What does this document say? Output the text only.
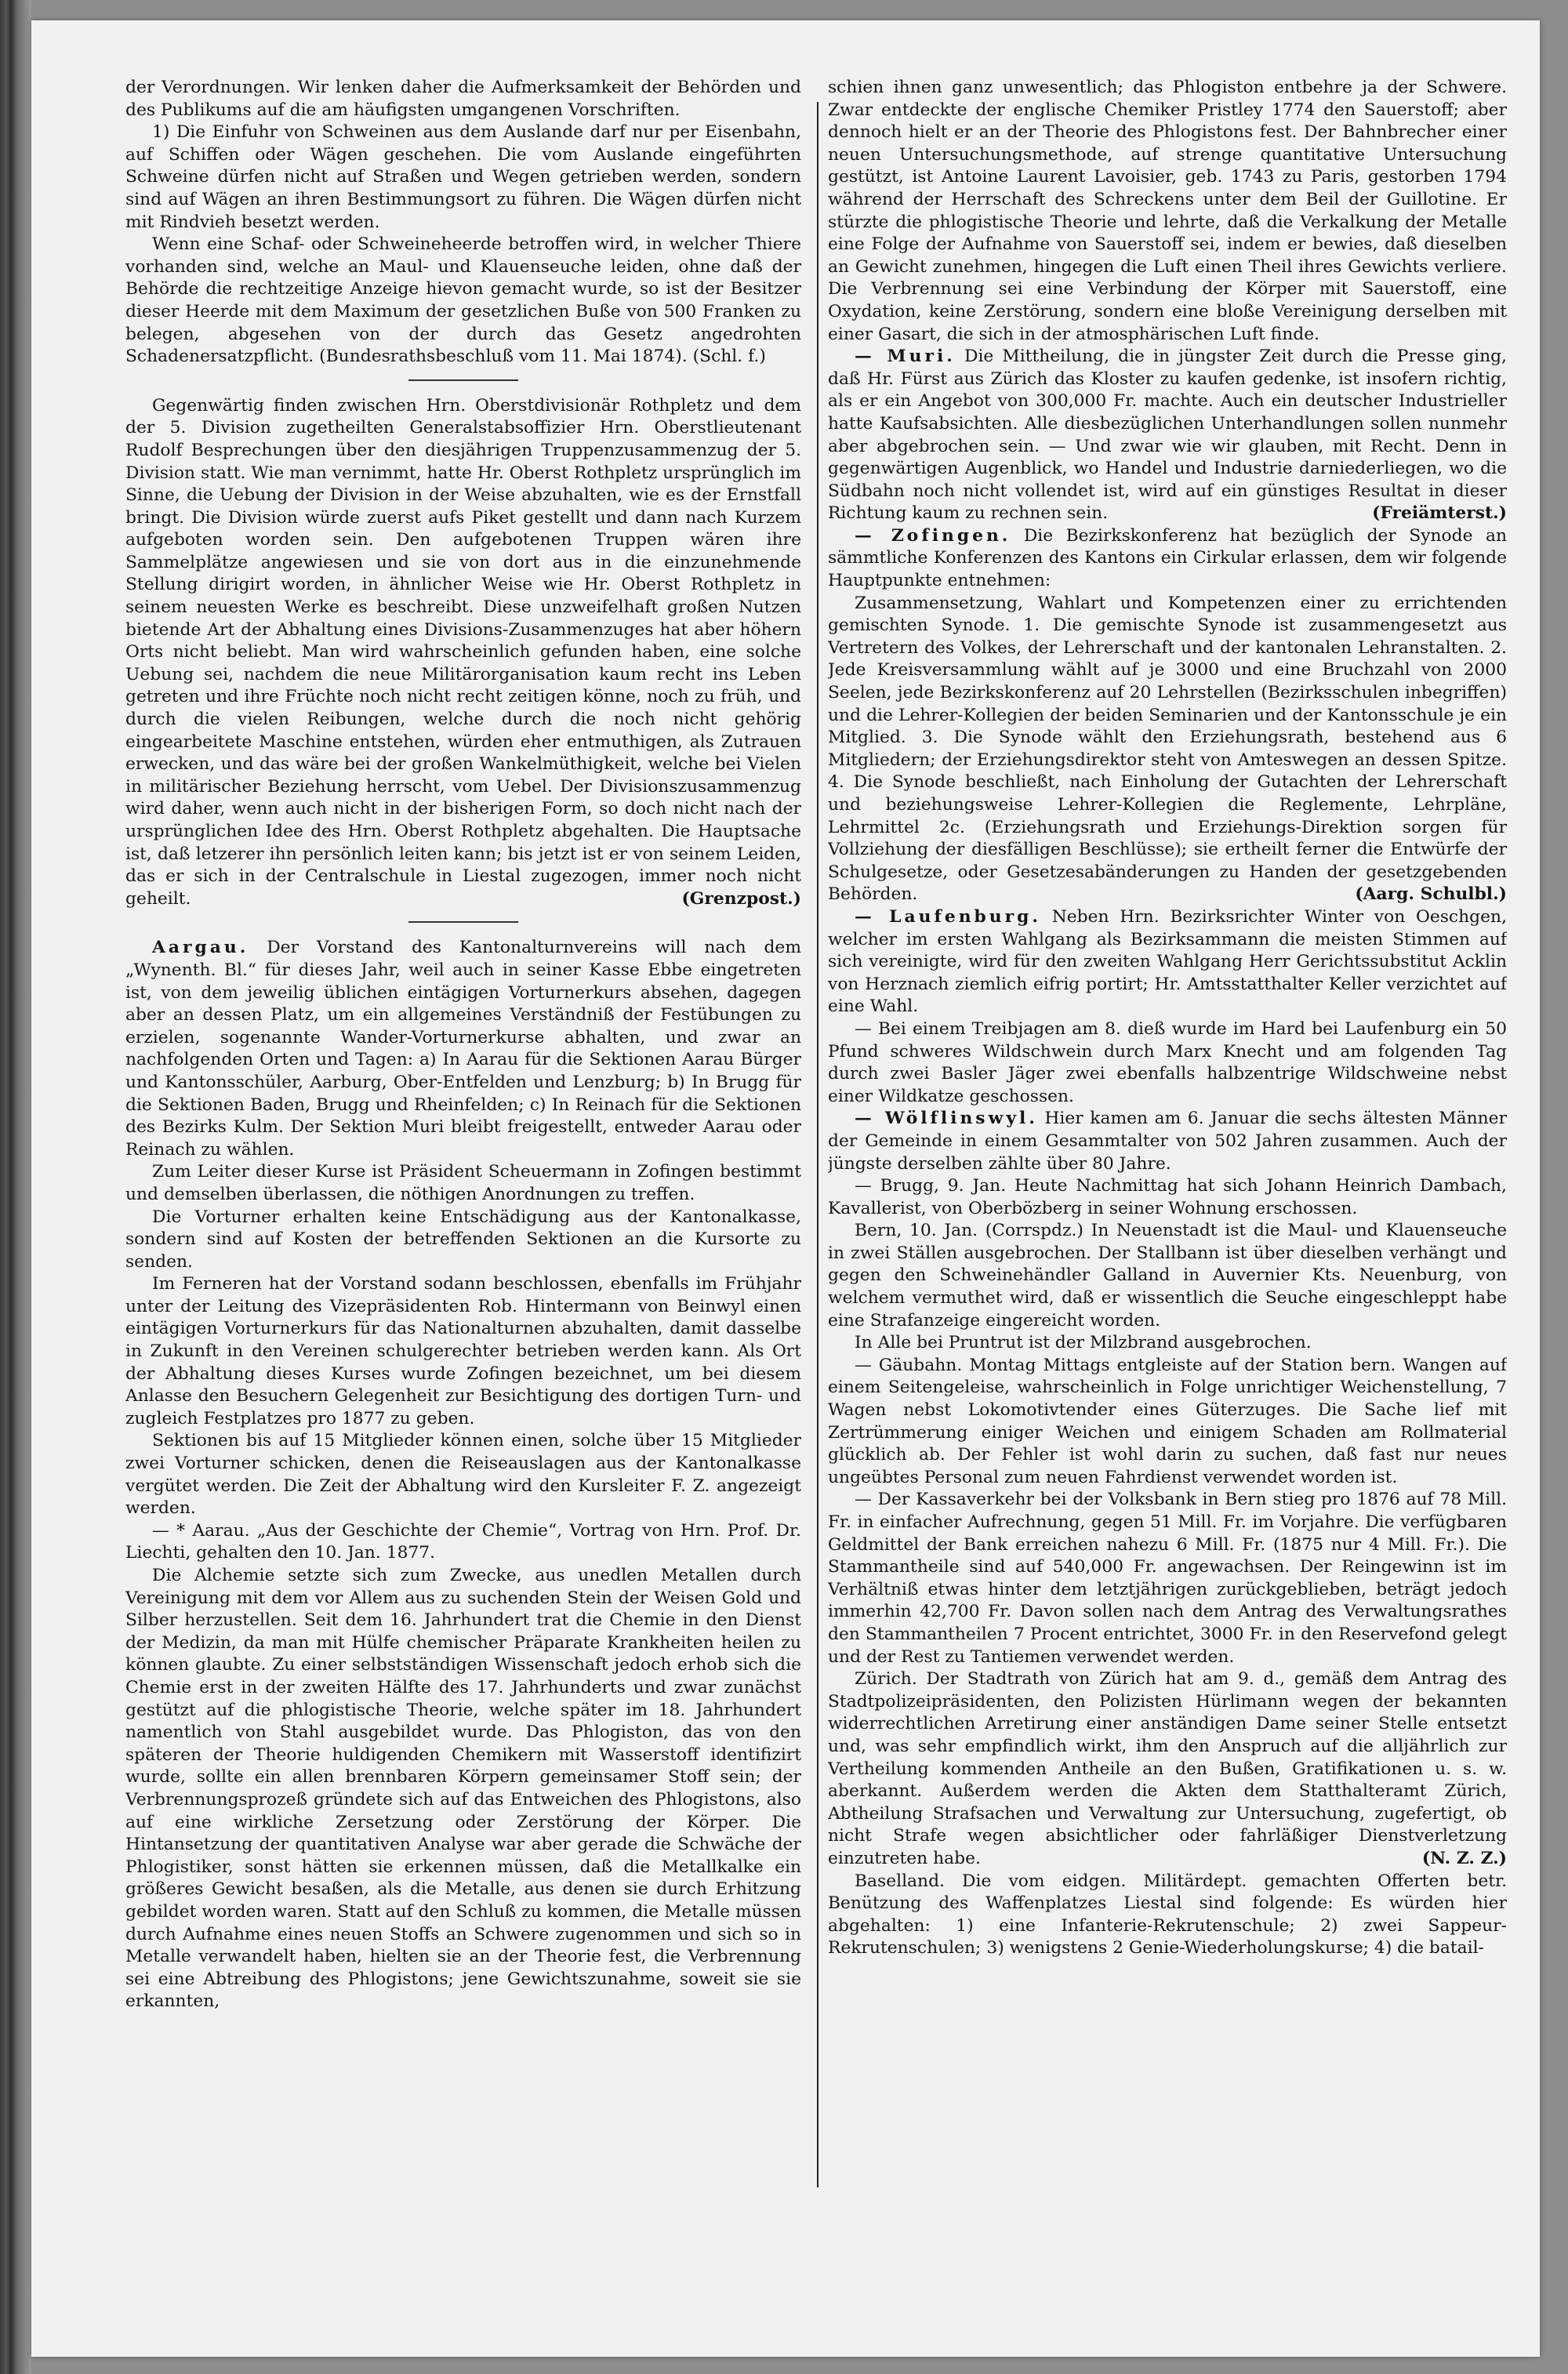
der Verordnungen. Wir lenken daher die Aufmerksamkeit der Behörden und des Publikums auf die am häufigsten umgangenen Vorschriften.

1) Die Einfuhr von Schweinen aus dem Auslande darf nur per Eisenbahn, auf Schiffen oder Wägen geschehen. Die vom Auslande eingeführten Schweine dürfen nicht auf Straßen und Wegen getrieben werden, sondern sind auf Wägen an ihren Bestimmungsort zu führen. Die Wägen dürfen nicht mit Rindvieh besetzt werden.

Wenn eine Schaf- oder Schweineheerde betroffen wird, in welcher Thiere vorhanden sind, welche an Maul- und Klauenseuche leiden, ohne daß der Behörde die rechtzeitige Anzeige hievon gemacht wurde, so ist der Besitzer dieser Heerde mit dem Maximum der gesetzlichen Buße von 500 Franken zu belegen, abgesehen von der durch das Gesetz angedrohten Schadenersatzpflicht. (Bundesrathsbeschluß vom 11. Mai 1874). (Schl. f.)

Gegenwärtig finden zwischen Hrn. Oberstdivisionär Rothpletz und dem der 5. Division zugetheilten Generalstabsoffizier Hrn. Oberstlieutenant Rudolf Besprechungen über den diesjährigen Truppenzusammenzug der 5. Division statt. Wie man vernimmt, hatte Hr. Oberst Rothpletz ursprünglich im Sinne, die Uebung der Division in der Weise abzuhalten, wie es der Ernstfall bringt. Die Division würde zuerst aufs Piket gestellt und dann nach Kurzem aufgeboten worden sein. Den aufgebotenen Truppen wären ihre Sammelplätze angewiesen und sie von dort aus in die einzunehmende Stellung dirigirt worden, in ähnlicher Weise wie Hr. Oberst Rothpletz in seinem neuesten Werke es beschreibt. Diese unzweifelhaft großen Nutzen bietende Art der Abhaltung eines Divisions-Zusammenzuges hat aber höhern Orts nicht beliebt. Man wird wahrscheinlich gefunden haben, eine solche Uebung sei, nachdem die neue Militärorganisation kaum recht ins Leben getreten und ihre Früchte noch nicht recht zeitigen könne, noch zu früh, und durch die vielen Reibungen, welche durch die noch nicht gehörig eingearbeitete Maschine entstehen, würden eher entmuthigen, als Zutrauen erwecken, und das wäre bei der großen Wankelmüthigkeit, welche bei Vielen in militärischer Beziehung herrscht, vom Uebel. Der Divisionszusammenzug wird daher, wenn auch nicht in der bisherigen Form, so doch nicht nach der ursprünglichen Idee des Hrn. Oberst Rothpletz abgehalten. Die Hauptsache ist, daß letzerer ihn persönlich leiten kann; bis jetzt ist er von seinem Leiden, das er sich in der Centralschule in Liestal zugezogen, immer noch nicht geheilt.	(Grenzpost.)

Aargau. Der Vorstand des Kantonalturnvereins will nach dem „Wynenth. Bl.“ für dieses Jahr, weil auch in seiner Kasse Ebbe eingetreten ist, von dem jeweilig üblichen eintägigen Vorturnerkurs absehen, dagegen aber an dessen Platz, um ein allgemeines Verständniß der Festübungen zu erzielen, sogenannte Wander-Vorturnerkurse abhalten, und zwar an nachfolgenden Orten und Tagen: a) In Aarau für die Sektionen Aarau Bürger und Kantonsschüler, Aarburg, Ober-Entfelden und Lenzburg; b) In Brugg für die Sektionen Baden, Brugg und Rheinfelden; c) In Reinach für die Sektionen des Bezirks Kulm. Der Sektion Muri bleibt freigestellt, entweder Aarau oder Reinach zu wählen.

Zum Leiter dieser Kurse ist Präsident Scheuermann in Zofingen bestimmt und demselben überlassen, die nöthigen Anordnungen zu treffen.

Die Vorturner erhalten keine Entschädigung aus der Kantonalkasse, sondern sind auf Kosten der betreffenden Sektionen an die Kursorte zu senden.

Im Ferneren hat der Vorstand sodann beschlossen, ebenfalls im Frühjahr unter der Leitung des Vizepräsidenten Rob. Hintermann von Beinwyl einen eintägigen Vorturnerkurs für das Nationalturnen abzuhalten, damit dasselbe in Zukunft in den Vereinen schulgerechter betrieben werden kann. Als Ort der Abhaltung dieses Kurses wurde Zofingen bezeichnet, um bei diesem Anlasse den Besuchern Gelegenheit zur Besichtigung des dortigen Turn- und zugleich Festplatzes pro 1877 zu geben.

Sektionen bis auf 15 Mitglieder können einen, solche über 15 Mitglieder zwei Vorturner schicken, denen die Reiseauslagen aus der Kantonalkasse vergütet werden. Die Zeit der Abhaltung wird den Kursleiter F. Z. angezeigt werden.

— * Aarau. „Aus der Geschichte der Chemie“, Vortrag von Hrn. Prof. Dr. Liechti, gehalten den 10. Jan. 1877.

Die Alchemie setzte sich zum Zwecke, aus unedlen Metallen durch Vereinigung mit dem vor Allem aus zu suchenden Stein der Weisen Gold und Silber herzustellen. Seit dem 16. Jahrhundert trat die Chemie in den Dienst der Medizin, da man mit Hülfe chemischer Präparate Krankheiten heilen zu können glaubte. Zu einer selbstständigen Wissenschaft jedoch erhob sich die Chemie erst in der zweiten Hälfte des 17. Jahrhunderts und zwar zunächst gestützt auf die phlogistische Theorie, welche später im 18. Jahrhundert namentlich von Stahl ausgebildet wurde. Das Phlogiston, das von den späteren der Theorie huldigenden Chemikern mit Wasserstoff identifizirt wurde, sollte ein allen brennbaren Körpern gemeinsamer Stoff sein; der Verbrennungsprozeß gründete sich auf das Entweichen des Phlogistons, also auf eine wirkliche Zersetzung oder Zerstörung der Körper. Die Hintansetzung der quantitativen Analyse war aber gerade die Schwäche der Phlogistiker, sonst hätten sie erkennen müssen, daß die Metallkalke ein größeres Gewicht besaßen, als die Metalle, aus denen sie durch Erhitzung gebildet worden waren. Statt auf den Schluß zu kommen, die Metalle müssen durch Aufnahme eines neuen Stoffs an Schwere zugenommen und sich so in Metalle verwandelt haben, hielten sie an der Theorie fest, die Verbrennung sei eine Abtreibung des Phlogistons; jene Gewichtszunahme, soweit sie sie erkannten,

schien ihnen ganz unwesentlich; das Phlogiston entbehre ja der Schwere. Zwar entdeckte der englische Chemiker Pristley 1774 den Sauerstoff; aber dennoch hielt er an der Theorie des Phlogistons fest. Der Bahnbrecher einer neuen Untersuchungsmethode, auf strenge quantitative Untersuchung gestützt, ist Antoine Laurent Lavoisier, geb. 1743 zu Paris, gestorben 1794 während der Herrschaft des Schreckens unter dem Beil der Guillotine. Er stürzte die phlogistische Theorie und lehrte, daß die Verkalkung der Metalle eine Folge der Aufnahme von Sauerstoff sei, indem er bewies, daß dieselben an Gewicht zunehmen, hingegen die Luft einen Theil ihres Gewichts verliere. Die Verbrennung sei eine Verbindung der Körper mit Sauerstoff, eine Oxydation, keine Zerstörung, sondern eine bloße Vereinigung derselben mit einer Gasart, die sich in der atmosphärischen Luft finde.

— Muri. Die Mittheilung, die in jüngster Zeit durch die Presse ging, daß Hr. Fürst aus Zürich das Kloster zu kaufen gedenke, ist insofern richtig, als er ein Angebot von 300,000 Fr. machte. Auch ein deutscher Industrieller hatte Kaufsabsichten. Alle diesbezüglichen Unterhandlungen sollen nunmehr aber abgebrochen sein. — Und zwar wie wir glauben, mit Recht. Denn in gegenwärtigen Augenblick, wo Handel und Industrie darniederliegen, wo die Südbahn noch nicht vollendet ist, wird auf ein günstiges Resultat in dieser Richtung kaum zu rechnen sein.	(Freiämterst.)

— Zofingen. Die Bezirkskonferenz hat bezüglich der Synode an sämmtliche Konferenzen des Kantons ein Cirkular erlassen, dem wir folgende Hauptpunkte entnehmen:

Zusammensetzung, Wahlart und Kompetenzen einer zu errichtenden gemischten Synode. 1. Die gemischte Synode ist zusammengesetzt aus Vertretern des Volkes, der Lehrerschaft und der kantonalen Lehranstalten. 2. Jede Kreisversammlung wählt auf je 3000 und eine Bruchzahl von 2000 Seelen, jede Bezirkskonferenz auf 20 Lehrstellen (Bezirksschulen inbegriffen) und die Lehrer-Kollegien der beiden Seminarien und der Kantonsschule je ein Mitglied. 3. Die Synode wählt den Erziehungsrath, bestehend aus 6 Mitgliedern; der Erziehungsdirektor steht von Amteswegen an dessen Spitze. 4. Die Synode beschließt, nach Einholung der Gutachten der Lehrerschaft und beziehungsweise Lehrer-Kollegien die Reglemente, Lehrpläne, Lehrmittel 2c. (Erziehungsrath und Erziehungs-Direktion sorgen für Vollziehung der diesfälligen Beschlüsse); sie ertheilt ferner die Entwürfe der Schulgesetze, oder Gesetzesabänderungen zu Handen der gesetzgebenden Behörden.	(Aarg. Schulbl.)

— Laufenburg. Neben Hrn. Bezirksrichter Winter von Oeschgen, welcher im ersten Wahlgang als Bezirksammann die meisten Stimmen auf sich vereinigte, wird für den zweiten Wahlgang Herr Gerichtssubstitut Acklin von Herznach ziemlich eifrig portirt; Hr. Amtsstatthalter Keller verzichtet auf eine Wahl.

— Bei einem Treibjagen am 8. dieß wurde im Hard bei Laufenburg ein 50 Pfund schweres Wildschwein durch Marx Knecht und am folgenden Tag durch zwei Basler Jäger zwei ebenfalls halbzentrige Wildschweine nebst einer Wildkatze geschossen.

— Wölflinswyl. Hier kamen am 6. Januar die sechs ältesten Männer der Gemeinde in einem Gesammtalter von 502 Jahren zusammen. Auch der jüngste derselben zählte über 80 Jahre.

— Brugg, 9. Jan. Heute Nachmittag hat sich Johann Heinrich Dambach, Kavallerist, von Oberbözberg in seiner Wohnung erschossen.

Bern, 10. Jan. (Corrspdz.) In Neuenstadt ist die Maul- und Klauenseuche in zwei Ställen ausgebrochen. Der Stallbann ist über dieselben verhängt und gegen den Schweinehändler Galland in Auvernier Kts. Neuenburg, von welchem vermuthet wird, daß er wissentlich die Seuche eingeschleppt habe eine Strafanzeige eingereicht worden.

In Alle bei Pruntrut ist der Milzbrand ausgebrochen.

— Gäubahn. Montag Mittags entgleiste auf der Station bern. Wangen auf einem Seitengeleise, wahrscheinlich in Folge unrichtiger Weichenstellung, 7 Wagen nebst Lokomotivtender eines Güterzuges. Die Sache lief mit Zertrümmerung einiger Weichen und einigem Schaden am Rollmaterial glücklich ab. Der Fehler ist wohl darin zu suchen, daß fast nur neues ungeübtes Personal zum neuen Fahrdienst verwendet worden ist.

— Der Kassaverkehr bei der Volksbank in Bern stieg pro 1876 auf 78 Mill. Fr. in einfacher Aufrechnung, gegen 51 Mill. Fr. im Vorjahre. Die verfügbaren Geldmittel der Bank erreichen nahezu 6 Mill. Fr. (1875 nur 4 Mill. Fr.). Die Stammantheile sind auf 540,000 Fr. angewachsen. Der Reingewinn ist im Verhältniß etwas hinter dem letztjährigen zurückgeblieben, beträgt jedoch immerhin 42,700 Fr. Davon sollen nach dem Antrag des Verwaltungsrathes den Stammantheilen 7 Procent entrichtet, 3000 Fr. in den Reservefond gelegt und der Rest zu Tantiemen verwendet werden.

Zürich. Der Stadtrath von Zürich hat am 9. d., gemäß dem Antrag des Stadtpolizeipräsidenten, den Polizisten Hürlimann wegen der bekannten widerrechtlichen Arretirung einer anständigen Dame seiner Stelle entsetzt und, was sehr empfindlich wirkt, ihm den Anspruch auf die alljährlich zur Vertheilung kommenden Antheile an den Bußen, Gratifikationen u. s. w. aberkannt. Außerdem werden die Akten dem Statthalteramt Zürich, Abtheilung Strafsachen und Verwaltung zur Untersuchung, zugefertigt, ob nicht Strafe wegen absichtlicher oder fahrläßiger Dienstverletzung einzutreten habe.	(N. Z. Z.)

Baselland. Die vom eidgen. Militärdept. gemachten Offerten betr. Benützung des Waffenplatzes Liestal sind folgende: Es würden hier abgehalten: 1) eine Infanterie-Rekrutenschule; 2) zwei Sappeur-Rekrutenschulen; 3) wenigstens 2 Genie-Wiederholungskurse; 4) die batail-
